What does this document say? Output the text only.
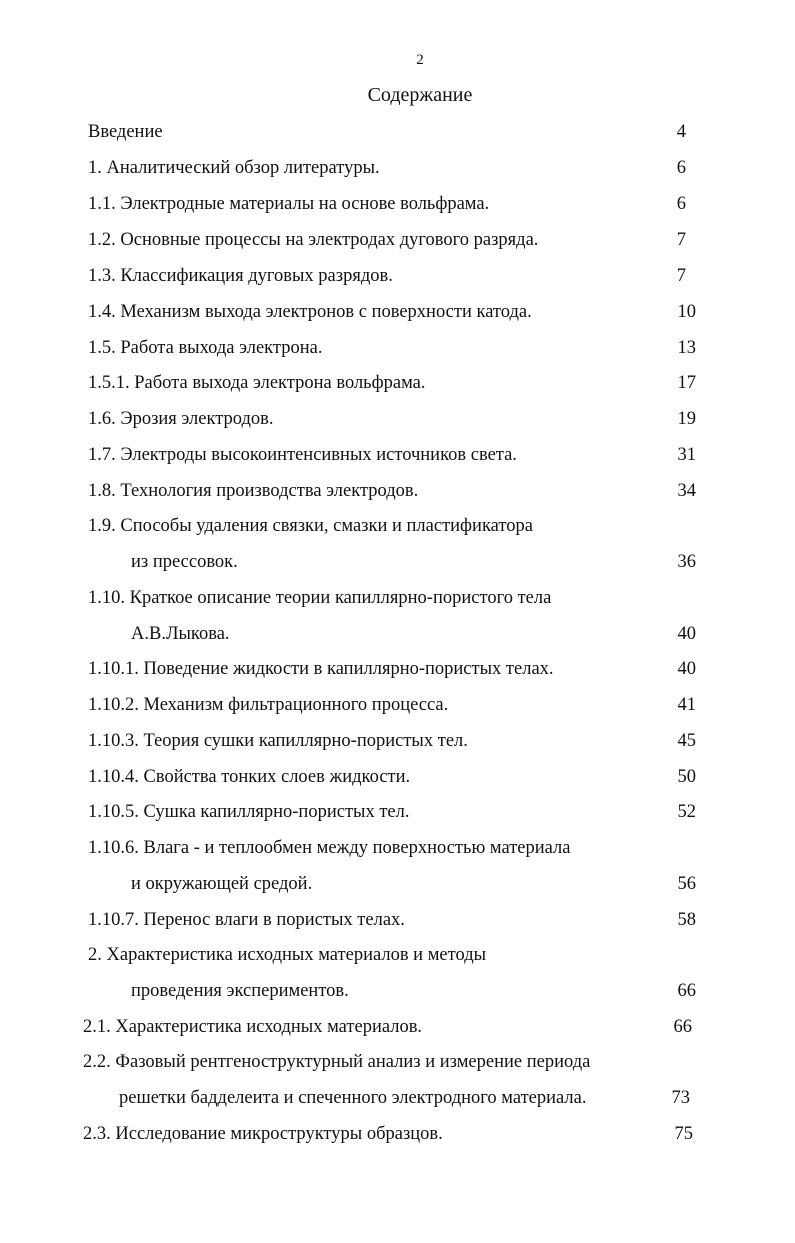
2
Содержание
Введение	4
1. Аналитический обзор литературы.	6
1.1. Электродные материалы на основе вольфрама.	6
1.2. Основные процессы на электродах дугового разряда.	7
1.3. Классификация дуговых разрядов.	7
1.4. Механизм выхода электронов с поверхности катода.	10
1.5. Работа выхода электрона.	13
1.5.1. Работа выхода электрона вольфрама.	17
1.6. Эрозия электродов.	19
1.7. Электроды высокоинтенсивных источников света.	31
1.8. Технология производства электродов.	34
1.9. Способы удаления связки, смазки и пластификатора
из прессовок.	36
1.10. Краткое описание теории капиллярно-пористого тела
А.В.Лыкова.	40
1.10.1. Поведение жидкости в капиллярно-пористых телах.	40
1.10.2. Механизм фильтрационного процесса.	41
1.10.3. Теория сушки капиллярно-пористых тел.	45
1.10.4. Свойства тонких слоев жидкости.	50
1.10.5. Сушка капиллярно-пористых тел.	52
1.10.6. Влага - и теплообмен между поверхностью материала
и окружающей средой.	56
1.10.7. Перенос влаги в пористых телах.	58
2. Характеристика исходных материалов и методы
проведения экспериментов.	66
2.1. Характеристика исходных материалов.	66
2.2. Фазовый рентгеноструктурный анализ и измерение периода
решетки бадделеита и спеченного электродного материала.	73
2.3. Исследование микроструктуры образцов.	75
